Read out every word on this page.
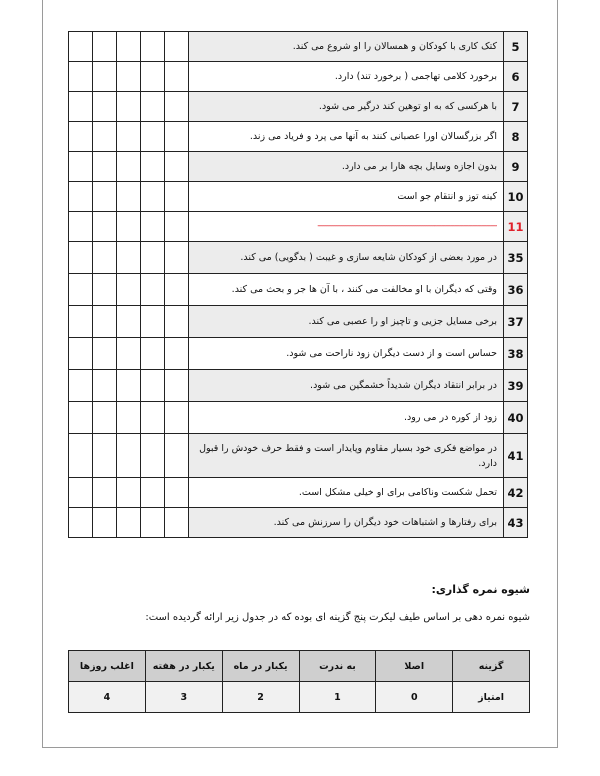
					کتک کاری با کودکان و همسالان را او شروع می کند.	5
					برخورد کلامی تهاجمی ( برخورد تند) دارد.	6
					با هرکسی که به او توهین کند درگیر می شود.	7
					اگر بزرگسالان اورا عصبانی کنند به آنها می پرد و فریاد می زند.	8
					بدون اجازه وسایل بچه هارا بر می دارد.	9
					کینه توز و انتقام جو است	10

					--------------------------------------------------------------------------------	11
					در مورد بعضی از کودکان شایعه سازی و غیبت ( بدگویی) می کند.	35
					وقتی که دیگران با او مخالفت می کنند ، با آن ها جر و بحث می کند.	36
					برخی مسایل جزیی و تاچیز او را عصبی می کند.	37
					حساس است و از دست دیگران زود ناراحت می شود.	38
					در برابر انتقاد دیگران شدیداً خشمگین می شود.	39
					زود از کوره در می رود.	40
					در مواضع فکری خود بسیار مقاوم وپایدار است و فقط حرف خودش را قبول دارد.	41
					تحمل شکست وناکامی برای او خیلی مشکل است.	42
					برای رفتارها و اشتباهات خود دیگران را سرزنش می کند.	43
شیوه نمره گذاری:
شیوه نمره دهی بر اساس طیف لیکرت پنج گزینه ای بوده که در جدول زیر ارائه گردیده است:
گزینه	اصلا	به ندرت	یکبار در ماه	یکبار در هفته	اغلب روزها
امتیاز	0	1	2	3	4
